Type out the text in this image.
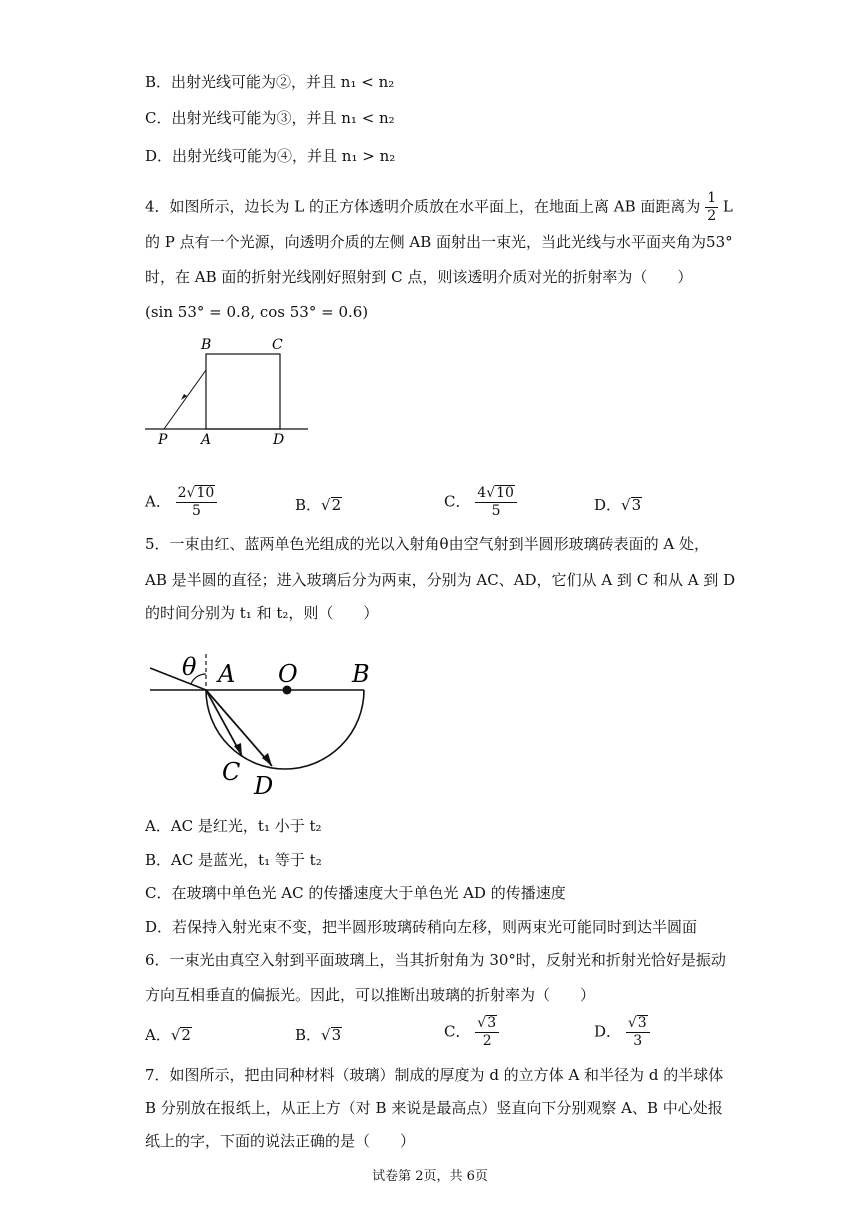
B．出射光线可能为②，并且 n₁ < n₂
C．出射光线可能为③，并且 n₁ < n₂
D．出射光线可能为④，并且 n₁ > n₂
4．如图所示，边长为 L 的正方体透明介质放在水平面上，在地面上离 AB 面距离为 $\frac{1}{2}$ L
的 P 点有一个光源，向透明介质的左侧 AB 面射出一束光，当此光线与水平面夹角为53°
时，在 AB 面的折射光线刚好照射到 C 点，则该透明介质对光的折射率为（　　）
(sin 53° = 0.8, cos 53° = 0.6)
B	C
P A	D
A． $\frac{2√10}{5}$	B．√2	C． $\frac{4√10}{5}$	D．√3
5．一束由红、蓝两单色光组成的光以入射角θ由空气射到半圆形玻璃砖表面的 A 处，
AB 是半圆的直径；进入玻璃后分为两束，分别为 AC、AD，它们从 A 到 C 和从 A 到 D
的时间分别为 t₁ 和 t₂，则（　　）
θ A O B
C D
A．AC 是红光，t₁ 小于 t₂
B．AC 是蓝光，t₁ 等于 t₂
C．在玻璃中单色光 AC 的传播速度大于单色光 AD 的传播速度
D．若保持入射光束不变，把半圆形玻璃砖稍向左移，则两束光可能同时到达半圆面
6．一束光由真空入射到平面玻璃上，当其折射角为 30°时，反射光和折射光恰好是振动
方向互相垂直的偏振光。因此，可以推断出玻璃的折射率为（　　）
A．√2	B．√3	C． $\frac{√3}{2}$	D． $\frac{√3}{3}$
7．如图所示，把由同种材料（玻璃）制成的厚度为 d 的立方体 A 和半径为 d 的半球体
B 分别放在报纸上，从正上方（对 B 来说是最高点）竖直向下分别观察 A、B 中心处报
纸上的字，下面的说法正确的是（　　）
试卷第 2页，共 6页
